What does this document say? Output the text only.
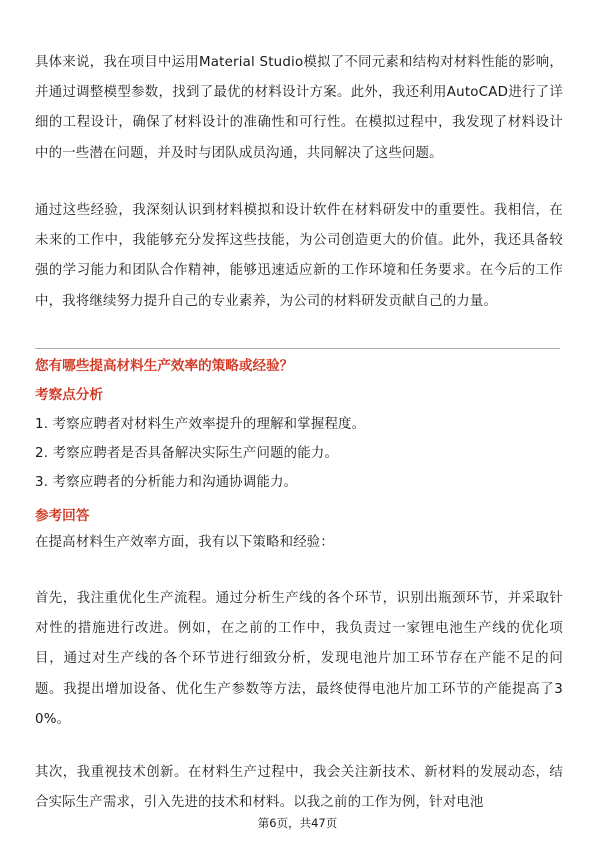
具体来说，我在项目中运用Material Studio模拟了不同元素和结构对材料性能的影响，并通过调整模型参数，找到了最优的材料设计方案。此外，我还利用AutoCAD进行了详细的工程设计，确保了材料设计的准确性和可行性。在模拟过程中，我发现了材料设计中的一些潜在问题，并及时与团队成员沟通，共同解决了这些问题。

通过这些经验，我深刻认识到材料模拟和设计软件在材料研发中的重要性。我相信，在未来的工作中，我能够充分发挥这些技能，为公司创造更大的价值。此外，我还具备较强的学习能力和团队合作精神，能够迅速适应新的工作环境和任务要求。在今后的工作中，我将继续努力提升自己的专业素养，为公司的材料研发贡献自己的力量。

您有哪些提高材料生产效率的策略或经验？

考察点分析

1. 考察应聘者对材料生产效率提升的理解和掌握程度。
2. 考察应聘者是否具备解决实际生产问题的能力。
3. 考察应聘者的分析能力和沟通协调能力。

参考回答

在提高材料生产效率方面，我有以下策略和经验：

首先，我注重优化生产流程。通过分析生产线的各个环节，识别出瓶颈环节，并采取针对性的措施进行改进。例如，在之前的工作中，我负责过一家锂电池生产线的优化项目，通过对生产线的各个环节进行细致分析，发现电池片加工环节存在产能不足的问题。我提出增加设备、优化生产参数等方法，最终使得电池片加工环节的产能提高了30%。

其次，我重视技术创新。在材料生产过程中，我会关注新技术、新材料的发展动态，结合实际生产需求，引入先进的技术和材料。以我之前的工作为例，针对电池

第6页，共47页
